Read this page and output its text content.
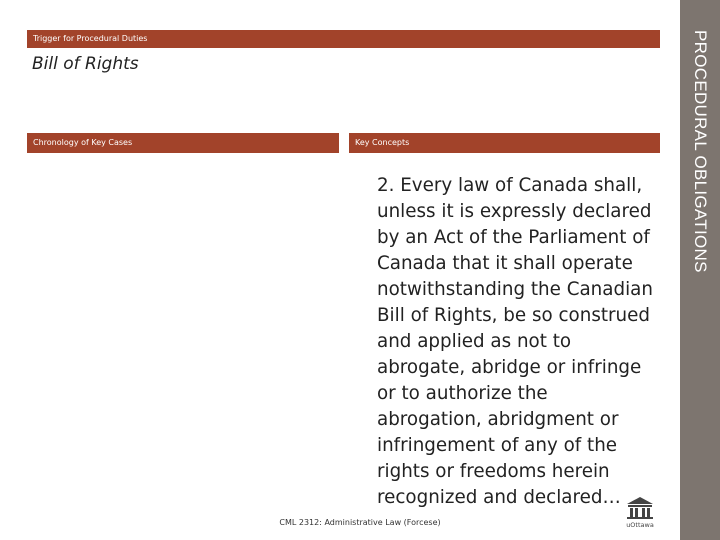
PROCEDURAL OBLIGATIONS
Trigger for Procedural Duties
Bill of Rights
Chronology of Key Cases	Key Concepts
2. Every law of Canada shall,
unless it is expressly declared
by an Act of the Parliament of
Canada that it shall operate
notwithstanding the Canadian
Bill of Rights, be so construed
and applied as not to
abrogate, abridge or infringe
or to authorize the
abrogation, abridgment or
infringement of any of the
rights or freedoms herein
recognized and declared…
CML 2312: Administrative Law (Forcese)	uOttawa
